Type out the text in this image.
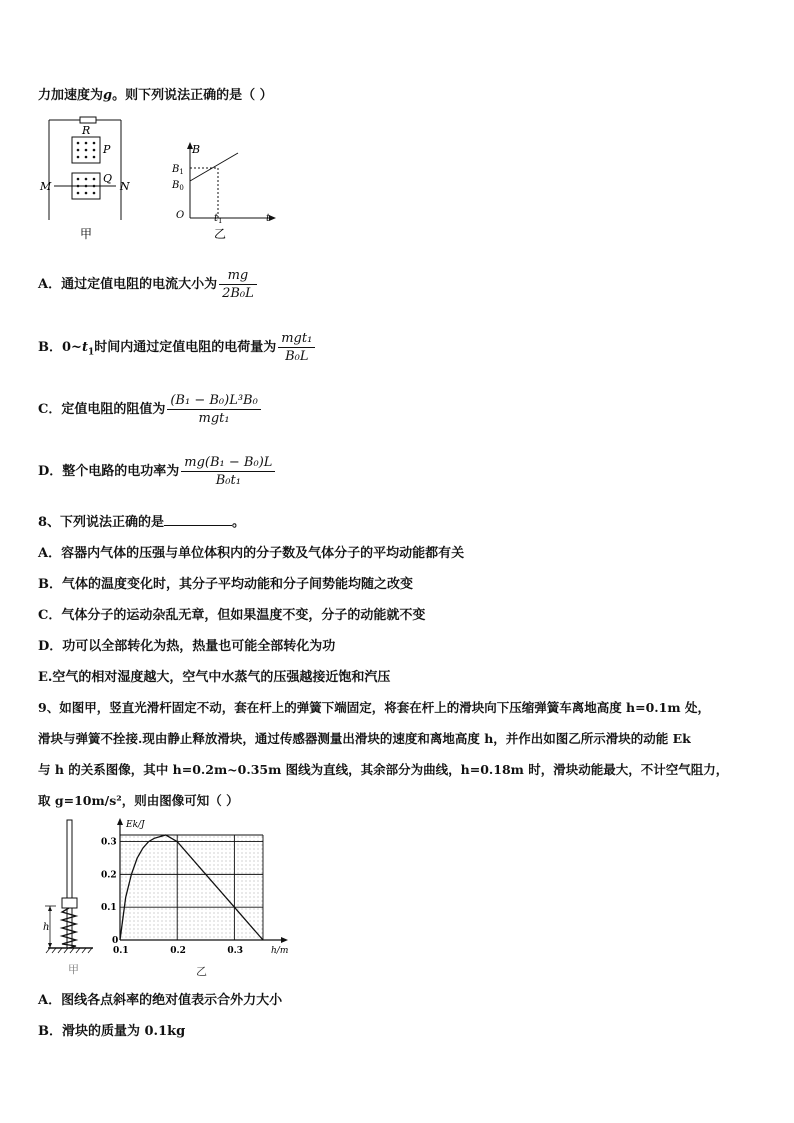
力加速度为g。则下列说法正确的是（ ）
R
P
Q
M	N
甲
B
$B_1$
$B_0$
O	$t_1$	t
乙
A．通过定值电阻的电流大小为 $\frac{mg}{\text{2B₀L}}$
B．$0\sim t_1$时间内通过定值电阻的电荷量为 $\frac{\text{mgt₁}}{\text{B₀L}}$
C．定值电阻的阻值为 $\frac{\text{(B₁ − B₀)L³B₀}}{\text{mgt₁}}$
D．整个电路的电功率为 $\frac{\text{mg(B₁ − B₀)L}}{\text{B₀t₁}}$
8、下列说法正确的是	。
A．容器内气体的压强与单位体积内的分子数及气体分子的平均动能都有关
B．气体的温度变化时，其分子平均动能和分子间势能均随之改变
C．气体分子的运动杂乱无章，但如果温度不变，分子的动能就不变
D．功可以全部转化为热，热量也可能全部转化为功
E.空气的相对湿度越大，空气中水蒸气的压强越接近饱和汽压
9、如图甲，竖直光滑杆固定不动，套在杆上的弹簧下端固定，将套在杆上的滑块向下压缩弹簧车离地高度 h=0.1m 处，
滑块与弹簧不拴接.现由静止释放滑块，通过传感器测量出滑块的速度和离地高度 h，并作出如图乙所示滑块的动能 Ek
与 h 的关系图像，其中 h=0.2m~0.35m 图线为直线，其余部分为曲线，h=0.18m 时，滑块动能最大，不计空气阻力，
取 g=10m/s²，则由图像可知（ ）
h
甲
Ek/J
h/m
0
0.1	0.2	0.3
0.1
0.2
0.3
乙
A．图线各点斜率的绝对值表示合外力大小
B．滑块的质量为 0.1kg
